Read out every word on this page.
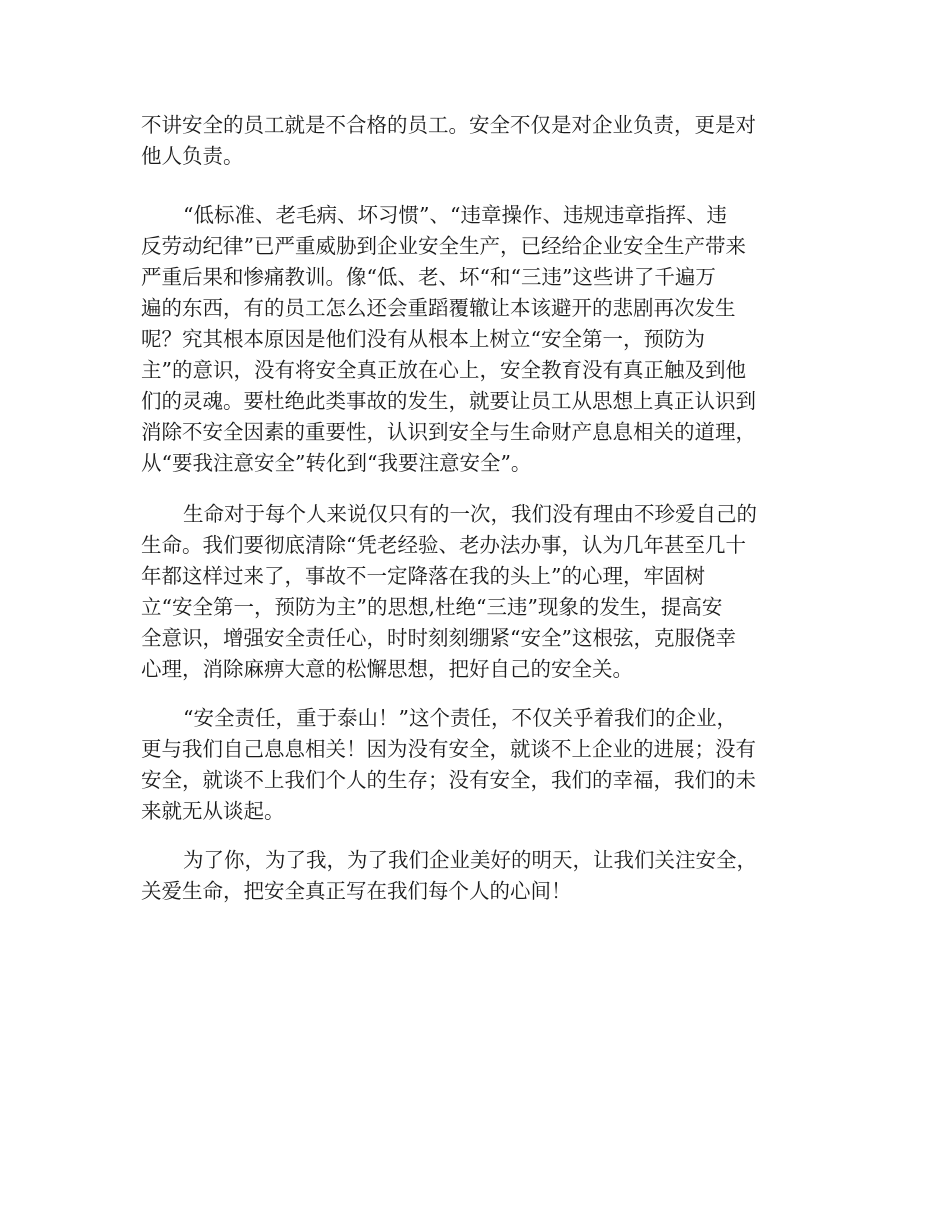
不讲安全的员工就是不合格的员工。安全不仅是对企业负责，更是对
他人负责。
“低标准、老毛病、坏习惯”、“违章操作、违规违章指挥、违
反劳动纪律”已严重威胁到企业安全生产，已经给企业安全生产带来
严重后果和惨痛教训。像“低、老、坏“和“三违”这些讲了千遍万
遍的东西，有的员工怎么还会重蹈覆辙让本该避开的悲剧再次发生
呢？究其根本原因是他们没有从根本上树立“安全第一，预防为
主”的意识，没有将安全真正放在心上，安全教育没有真正触及到他
们的灵魂。要杜绝此类事故的发生，就要让员工从思想上真正认识到
消除不安全因素的重要性，认识到安全与生命财产息息相关的道理，
从“要我注意安全”转化到“我要注意安全”。
生命对于每个人来说仅只有的一次，我们没有理由不珍爱自己的
生命。我们要彻底清除“凭老经验、老办法办事，认为几年甚至几十
年都这样过来了，事故不一定降落在我的头上”的心理，牢固树
立“安全第一，预防为主”的思想,杜绝“三违”现象的发生，提高安
全意识，增强安全责任心，时时刻刻绷紧“安全”这根弦，克服侥幸
心理，消除麻痹大意的松懈思想，把好自己的安全关。
“安全责任，重于泰山！”这个责任，不仅关乎着我们的企业，
更与我们自己息息相关！因为没有安全，就谈不上企业的进展；没有
安全，就谈不上我们个人的生存；没有安全，我们的幸福，我们的未
来就无从谈起。
为了你，为了我，为了我们企业美好的明天，让我们关注安全，
关爱生命，把安全真正写在我们每个人的心间！
